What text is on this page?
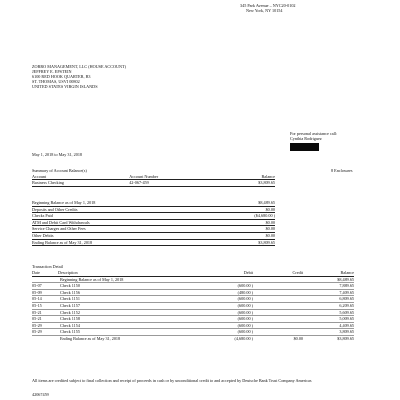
345 Park Avenue – NYC20-0102
New York, NY 10154
ZORRO MANAGEMENT, LLC (HOUSE ACCOUNT)
JEFFREY E. EPSTEIN
6100 RED HOOK QUARTER, B3
ST. THOMAS, USVI 00802
UNITED STATES VIRGIN ISLANDS
For personal assistance call:
Cynthia Rodriguez
May 1, 2018 to May 31, 2018
8 Enclosures
Summary of Account Balance(s)		
Account	Account Number	Balance
Business Checking	42-067-459	$3,809.65
Beginning Balance as of May 1, 2018	$8,489.65
Deposits and Other Credits	$0.00
Checks Paid	($4,680.00 )
ATM and Debit Card Withdrawals	$0.00
Service Charges and Other Fees	$0.00
Other Debits	$0.00
Ending Balance as of May 31, 2018	$3,809.65
Transaction Detail
Date	Description	Debit	Credit	Balance
	Beginning Balance as of May 1, 2018			$8,489.65
05-07	Check 1150	(600.00 )		7,889.65
05-09	Check 1156	(480.00 )		7,409.65
05-14	Check 1151	(600.00 )		6,809.65
05-15	Check 1157	(600.00 )		6,209.65
05-21	Check 1152	(600.00 )		5,609.65
05-21	Check 1158	(600.00 )		5,009.65
05-29	Check 1154	(600.00 )		4,409.65
05-29	Check 1155	(600.00 )		3,809.65
	Ending Balance as of May 31, 2018	(4,680.00 )	$0.00	$3,809.65
All items are credited subject to final collection and receipt of proceeds in cash or by unconditional credit to and accepted by Deutsche Bank Trust Company Americas
42067459
